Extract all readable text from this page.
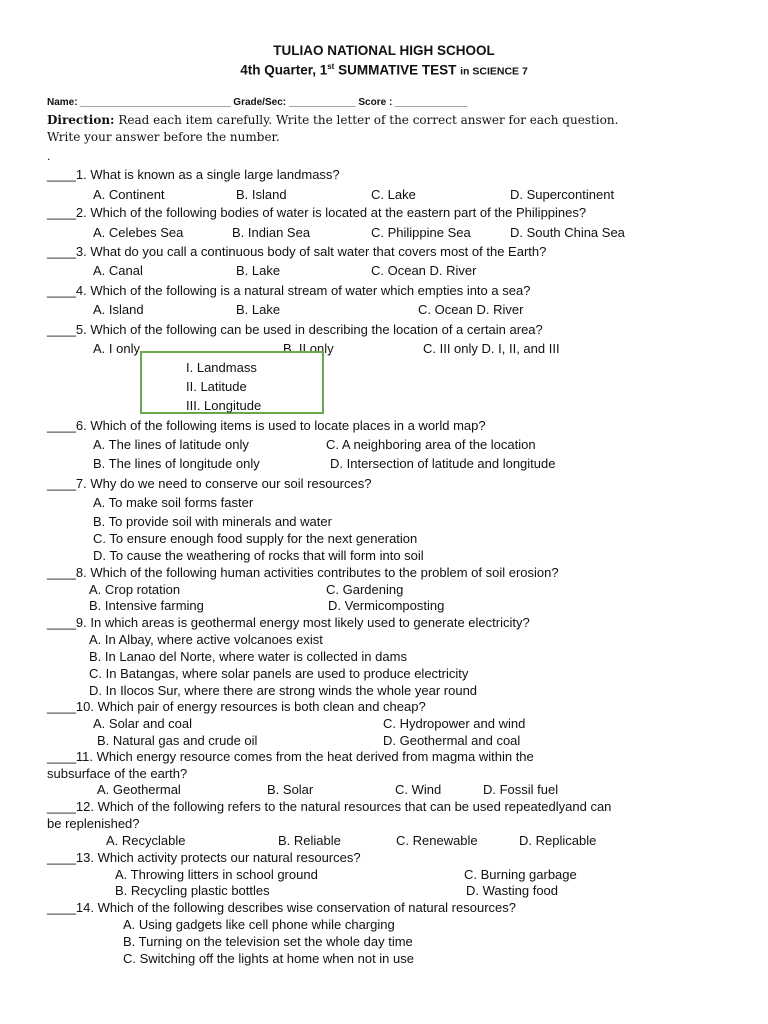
TULIAO NATIONAL HIGH SCHOOL
4th Quarter, 1st SUMMATIVE TEST in SCIENCE 7
Name: ___________________________ Grade/Sec: ____________ Score : _____________
Direction: Read each item carefully. Write the letter of the correct answer for each question.
Write your answer before the number.
.
____1. What is known as a single large landmass?
A. Continent	B. Island	C. Lake	D. Supercontinent
____2. Which of the following bodies of water is located at the eastern part of the Philippines?
A. Celebes Sea	B. Indian Sea	C. Philippine Sea	D. South China Sea
____3. What do you call a continuous body of salt water that covers most of the Earth?
A. Canal	B. Lake	C. Ocean D. River
____4. Which of the following is a natural stream of water which empties into a sea?
A. Island	B. Lake	C. Ocean D. River
____5. Which of the following can be used in describing the location of a certain area?
A. I only	B. II only	C. III only D. I, II, and III
I. Landmass
II. Latitude
III. Longitude
____6. Which of the following items is used to locate places in a world map?
A. The lines of latitude only	C. A neighboring area of the location
B. The lines of longitude only	D. Intersection of latitude and longitude
____7. Why do we need to conserve our soil resources?
A. To make soil forms faster
B. To provide soil with minerals and water
C. To ensure enough food supply for the next generation
D. To cause the weathering of rocks that will form into soil
____8. Which of the following human activities contributes to the problem of soil erosion?
A. Crop rotation	C. Gardening
B. Intensive farming	D. Vermicomposting
____9. In which areas is geothermal energy most likely used to generate electricity?
A. In Albay, where active volcanoes exist
B. In Lanao del Norte, where water is collected in dams
C. In Batangas, where solar panels are used to produce electricity
D. In Ilocos Sur, where there are strong winds the whole year round
____10. Which pair of energy resources is both clean and cheap?
A. Solar and coal	C. Hydropower and wind
B. Natural gas and crude oil	D. Geothermal and coal
____11. Which energy resource comes from the heat derived from magma within the
subsurface of the earth?
A. Geothermal	B. Solar	C. Wind	D. Fossil fuel
____12. Which of the following refers to the natural resources that can be used repeatedlyand can
be replenished?
A. Recyclable	B. Reliable	C. Renewable	D. Replicable
____13. Which activity protects our natural resources?
A. Throwing litters in school ground	C. Burning garbage
B. Recycling plastic bottles	D. Wasting food
____14. Which of the following describes wise conservation of natural resources?
A. Using gadgets like cell phone while charging
B. Turning on the television set the whole day time
C. Switching off the lights at home when not in use
